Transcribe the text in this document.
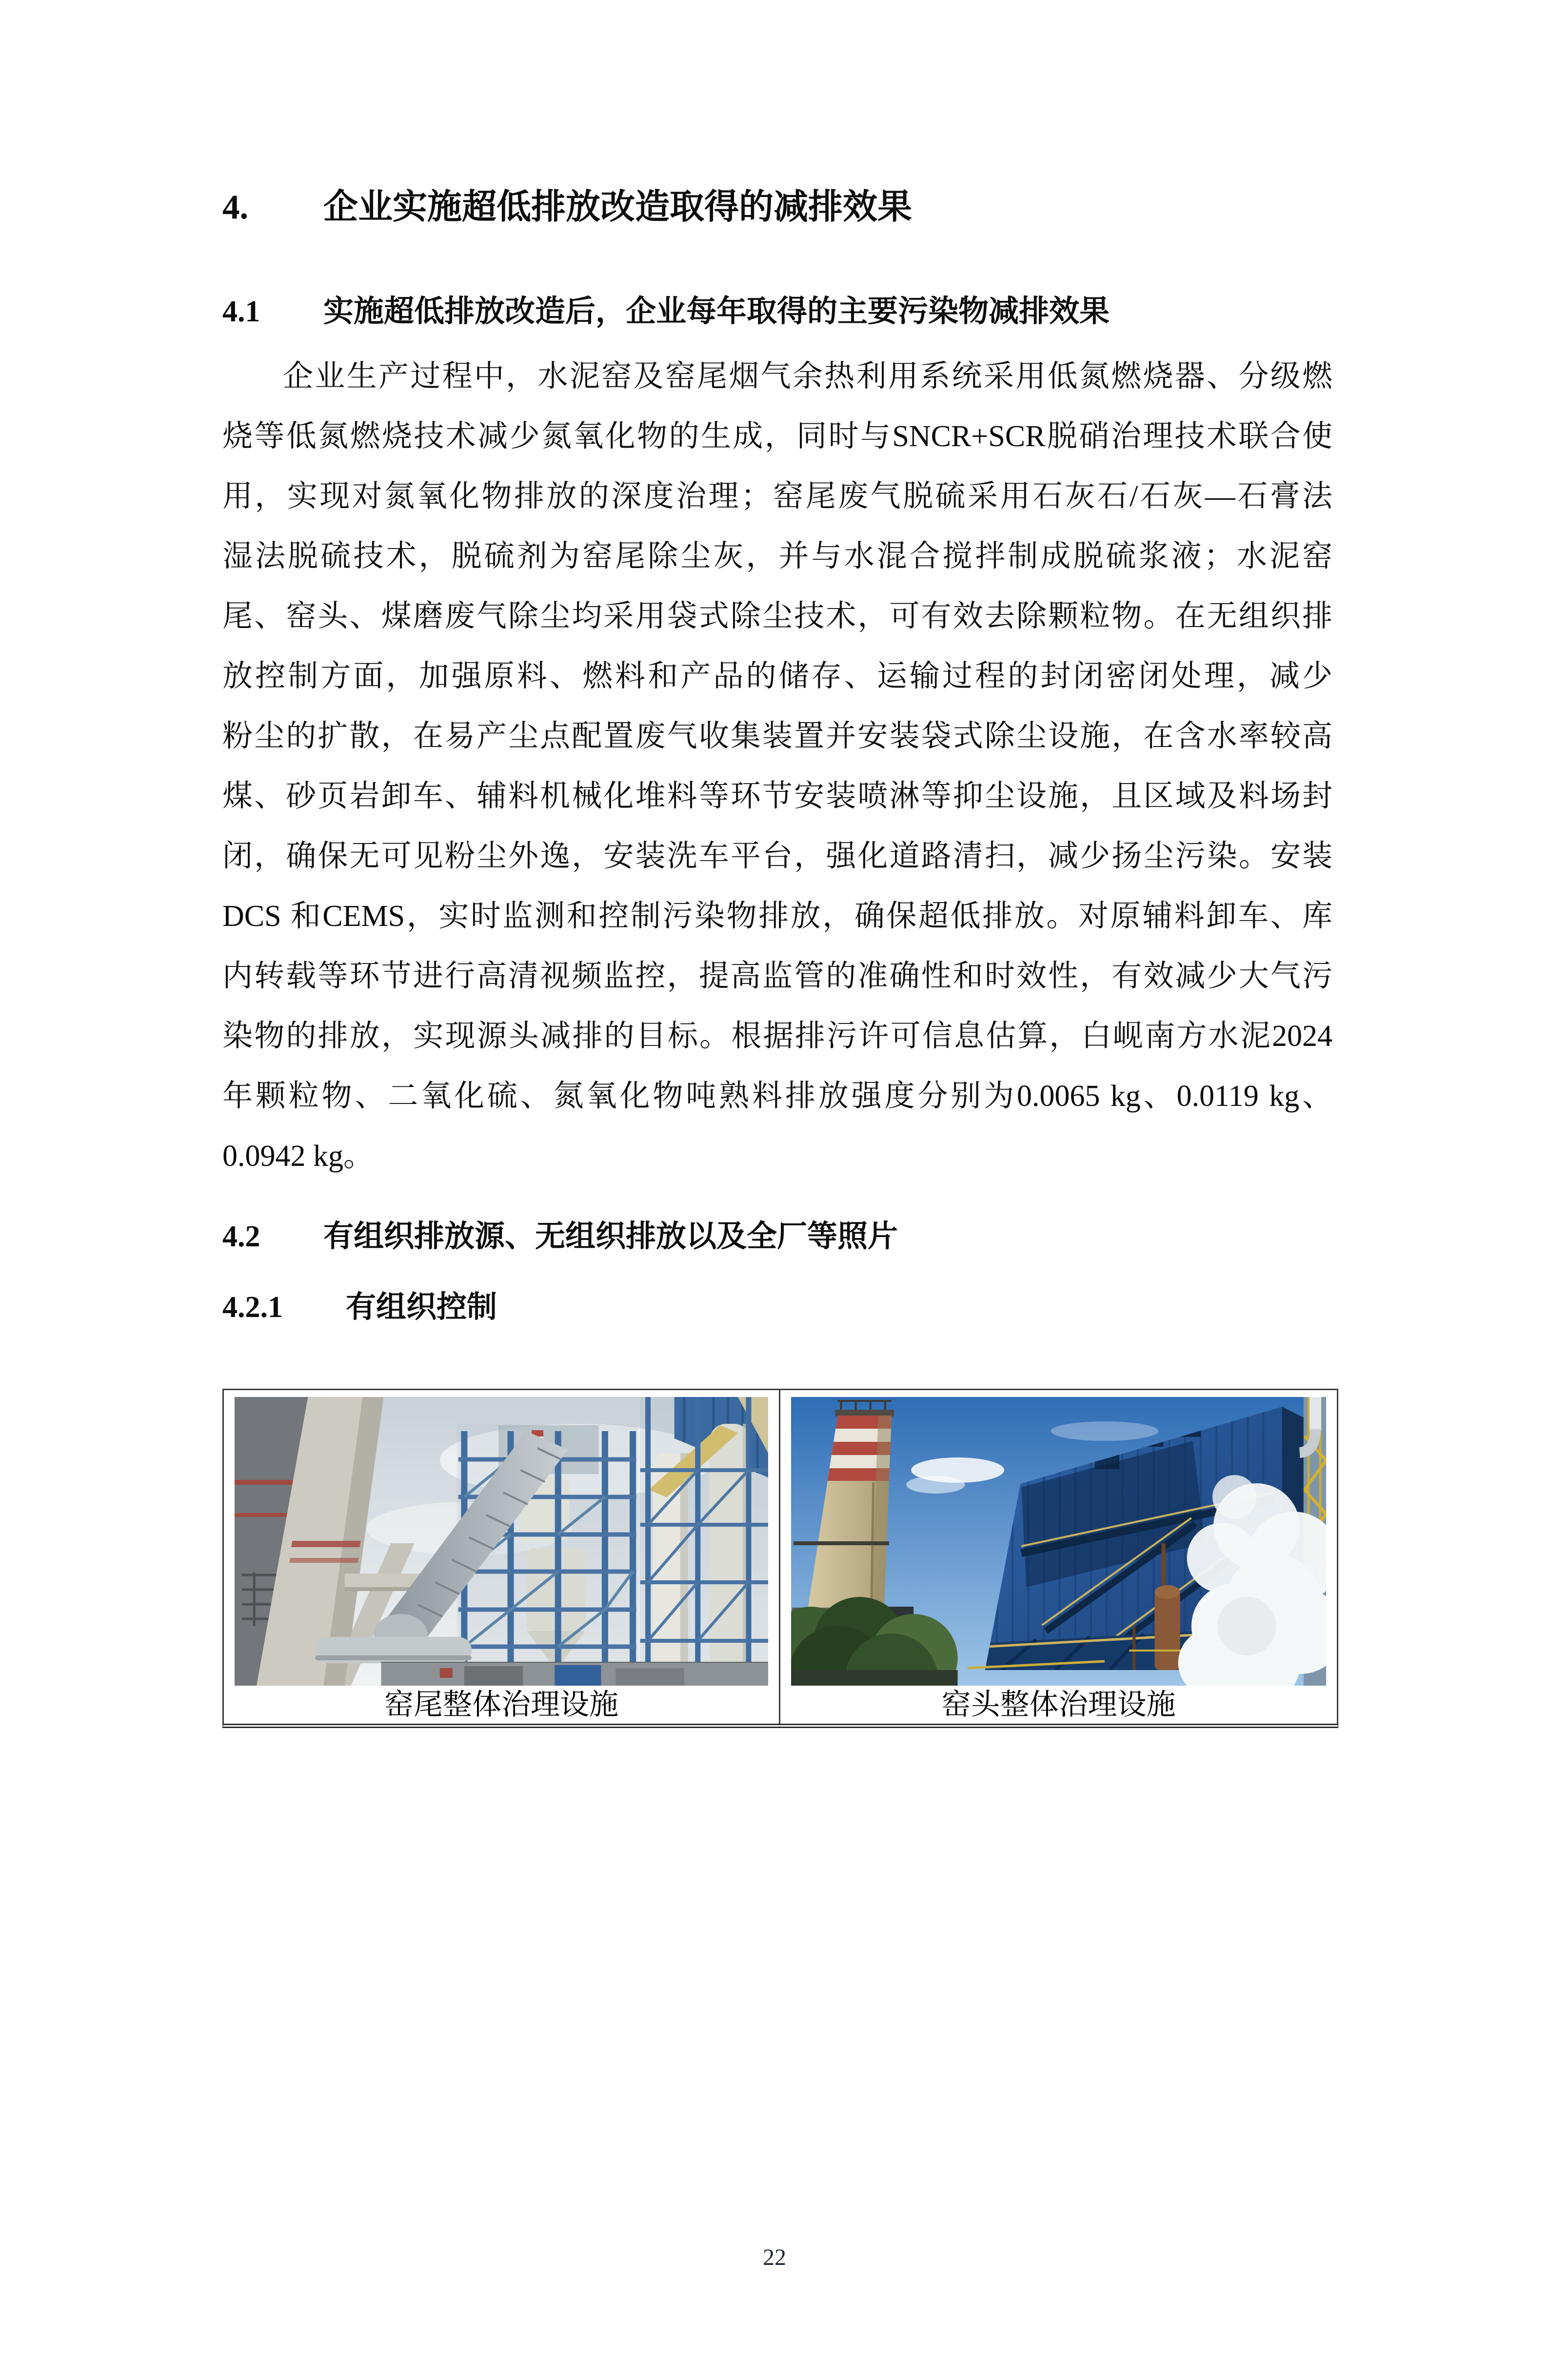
4.	企业实施超低排放改造取得的减排效果
4.1	实施超低排放改造后，企业每年取得的主要污染物减排效果
企业生产过程中，水泥窑及窑尾烟气余热利用系统采用低氮燃烧器、分级燃
烧等低氮燃烧技术减少氮氧化物的生成，同时与SNCR+SCR脱硝治理技术联合使
用，实现对氮氧化物排放的深度治理；窑尾废气脱硫采用石灰石/石灰—石膏法
湿法脱硫技术，脱硫剂为窑尾除尘灰，并与水混合搅拌制成脱硫浆液；水泥窑
尾、窑头、煤磨废气除尘均采用袋式除尘技术，可有效去除颗粒物。在无组织排
放控制方面，加强原料、燃料和产品的储存、运输过程的封闭密闭处理，减少
粉尘的扩散，在易产尘点配置废气收集装置并安装袋式除尘设施，在含水率较高
煤、砂页岩卸车、辅料机械化堆料等环节安装喷淋等抑尘设施，且区域及料场封
闭，确保无可见粉尘外逸，安装洗车平台，强化道路清扫，减少扬尘污染。安装
DCS 和CEMS，实时监测和控制污染物排放，确保超低排放。对原辅料卸车、库
内转载等环节进行高清视频监控，提高监管的准确性和时效性，有效减少大气污
染物的排放，实现源头减排的目标。根据排污许可信息估算，白岘南方水泥2024
年颗粒物、二氧化硫、氮氧化物吨熟料排放强度分别为0.0065 kg、0.0119 kg、
0.0942 kg。
4.2	有组织排放源、无组织排放以及全厂等照片
4.2.1	有组织控制
窑尾整体治理设施	窑头整体治理设施
22
